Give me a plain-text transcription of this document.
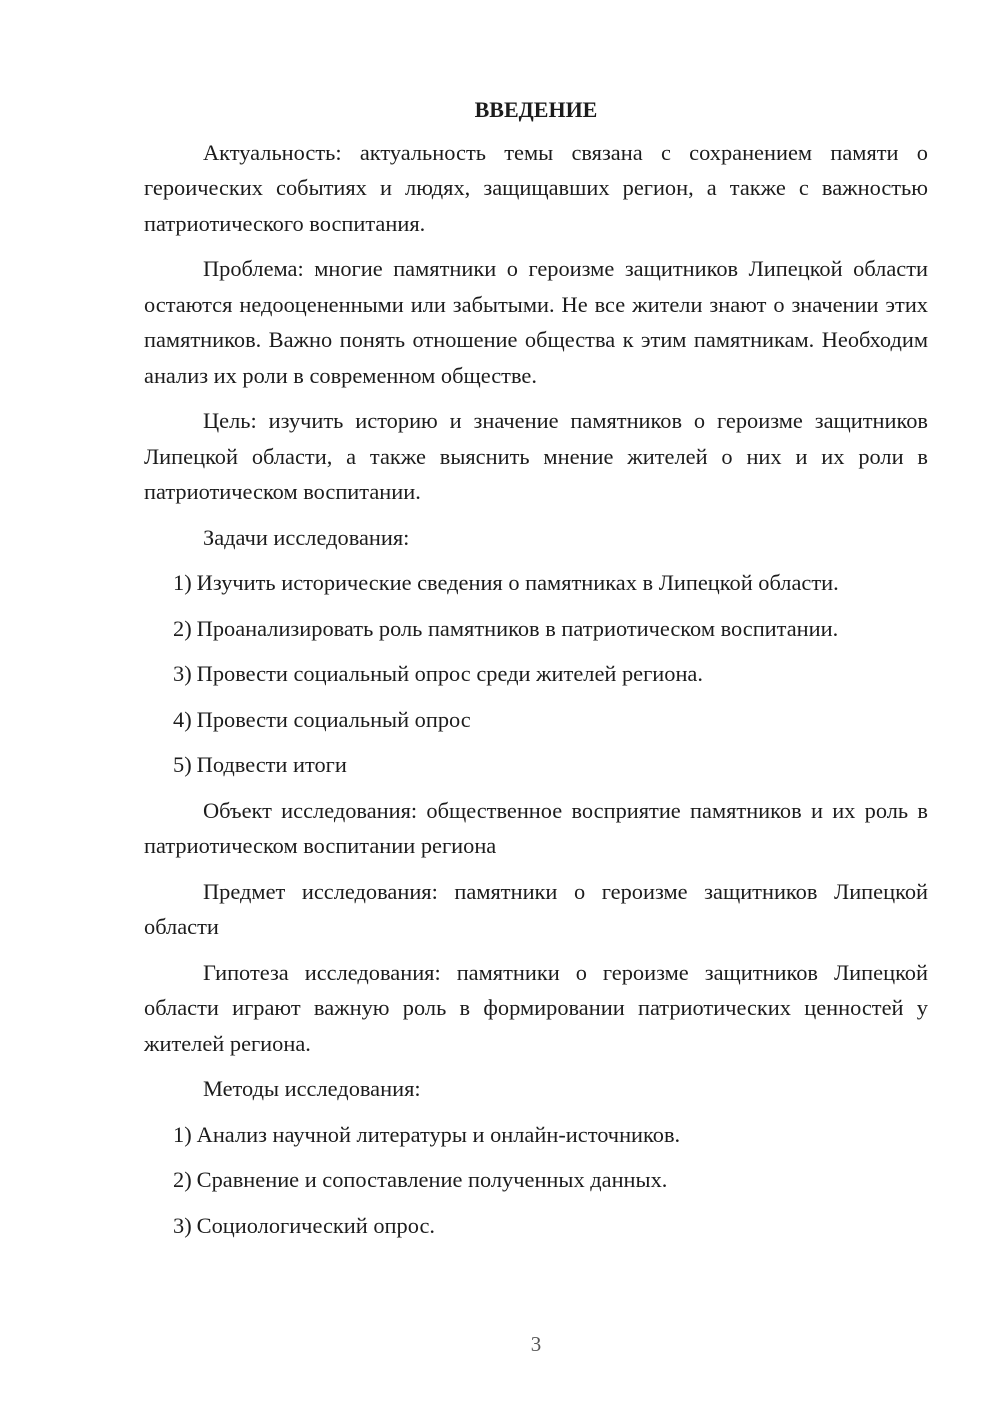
ВВЕДЕНИЕ

Актуальность: актуальность темы связана с сохранением памяти о героических событиях и людях, защищавших регион, а также с важностью патриотического воспитания.

Проблема: многие памятники о героизме защитников Липецкой области остаются недооцененными или забытыми. Не все жители знают о значении этих памятников. Важно понять отношение общества к этим памятникам. Необходим анализ их роли в современном обществе.

Цель: изучить историю и значение памятников о героизме защитников Липецкой области, а также выяснить мнение жителей о них и их роли в патриотическом воспитании.

Задачи исследования:
1) Изучить исторические сведения о памятниках в Липецкой области.
2) Проанализировать роль памятников в патриотическом воспитании.
3) Провести социальный опрос среди жителей региона.
4) Провести социальный опрос
5) Подвести итоги

Объект исследования: общественное восприятие памятников и их роль в патриотическом воспитании региона

Предмет исследования: памятники о героизме защитников Липецкой области

Гипотеза исследования: памятники о героизме защитников Липецкой области играют важную роль в формировании патриотических ценностей у жителей региона.

Методы исследования:
1) Анализ научной литературы и онлайн-источников.
2) Сравнение и сопоставление полученных данных.
3) Социологический опрос.
3
